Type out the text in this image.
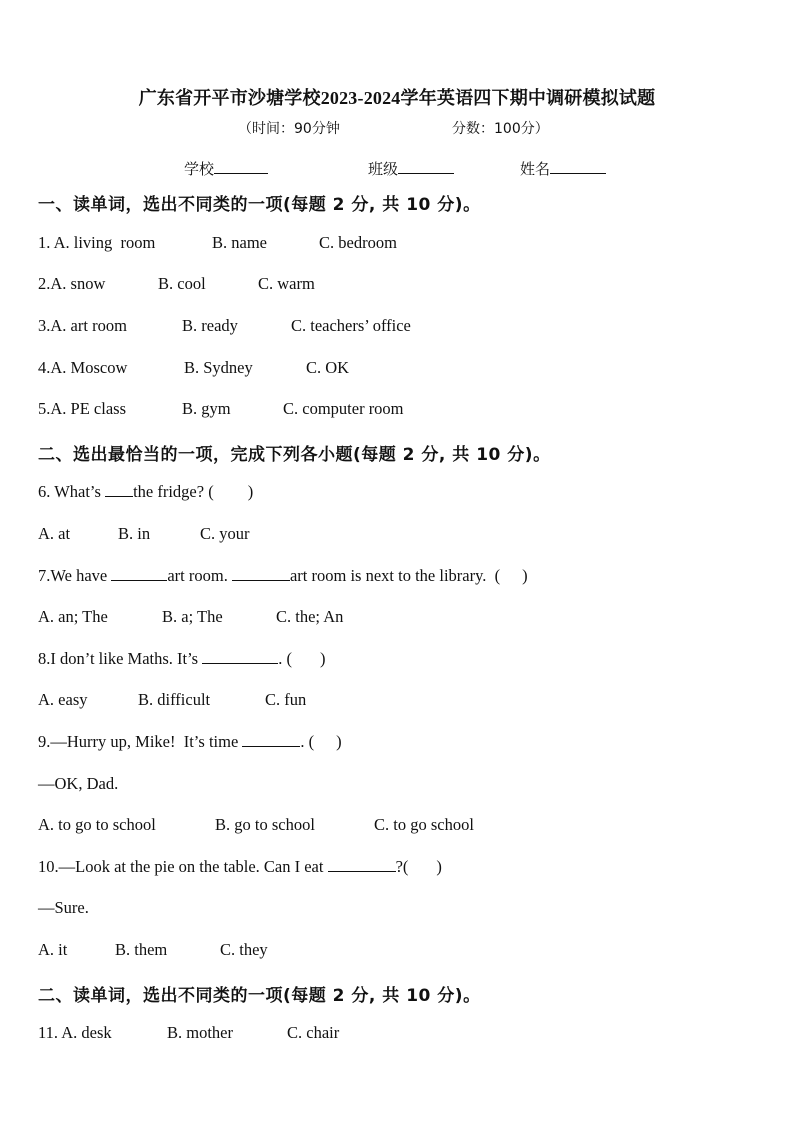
广东省开平市沙塘学校2023-2024学年英语四下期中调研模拟试题
（时间：90分钟	分数：100分）
学校	班级	姓名
一、读单词，选出不同类的一项(每题 2 分, 共 10 分)。
1. A. living  room	B. name	C. bedroom
2.A. snow	B. cool	C. warm
3.A. art room	B. ready	C. teachers’ office
4.A. Moscow	B. Sydney	C. OK
5.A. PE class	B. gym	C. computer room
二、选出最恰当的一项，完成下列各小题(每题 2 分, 共 10 分)。
6. What’s the fridge? ( )
A. at	B. in	C. your
7.We have	art room.	art room is next to the library.  ( )
A. an; The	B. a; The	C. the; An
8.I don’t like Maths. It’s	. ( )
A. easy	B. difficult	C. fun
9.—Hurry up, Mike!  It’s time	. ( )
—OK, Dad.
A. to go to school	B. go to school	C. to go school
10.—Look at the pie on the table. Can I eat	?( )
—Sure.
A. it	B. them	C. they
二、读单词，选出不同类的一项(每题 2 分, 共 10 分)。
11. A. desk	B. mother	C. chair
